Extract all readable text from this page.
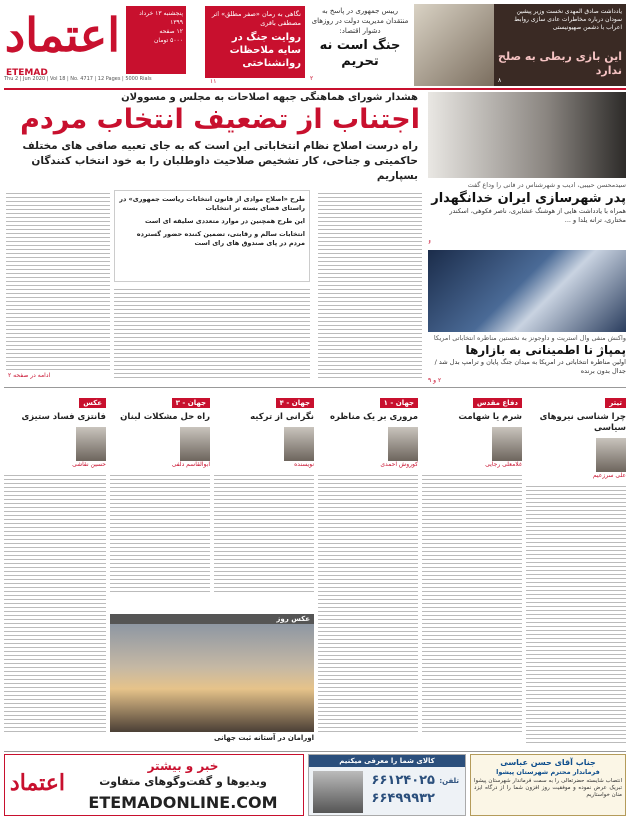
اعتماد
ETEMAD
پنجشنبه ۱۳ خرداد ۱۳۹۹
۱۲ صفحه
۵۰۰۰ تومان
Thu 2 | Jun 2020 | Vol 18 | No. 4717 | 12 Pages | 5000 Rials
نگاهی به رمان «صفر مطلق» اثر مصطفی باقری
روایت جنگ در سایه ملاحظات روانشناختی
۱۱
رییس جمهوری در پاسخ به منتقدان مدیریت دولت در روزهای دشوار اقتصاد:
جنگ است نه تحریم
۲
یادداشت صادق المهدی نخست وزیر پیشین سودان درباره مخاطرات عادی سازی روابط اعراب با دشمن صهیونیستی
این بازی ربطی به صلح ندارد
۸
هشدار شورای هماهنگی جبهه اصلاحات به مجلس و مسوولان
اجتناب از تضعیف انتخاب مردم
راه درست اصلاح نظام انتخاباتی این است که به جای تعبیه صافی های مختلف حاکمیتی و جناحی، کار تشخیص صلاحیت داوطلبان را به خود انتخاب کنندگان بسپاریم
طرح «اصلاح موادی از قانون انتخابات ریاست جمهوری» در راستای فضای بسته تر انتخابات
این طرح همچنین در موارد متعددی سلیقه ای است
انتخابات سالم و رقابتی، تضمین کننده حضور گسترده مردم در پای صندوق های رای است
ادامه در صفحه ۲
سیدمحسن حبیبی، ادیب و شهرشناس در فانی را وداع گفت
پدر شهرسازی ایران خدانگهدار
همراه با یادداشت هایی از هوشنگ عشایری، ناصر فکوهی، اسکندر مختاری، ترانه یلدا و ...
۶
واکنش منفی وال استریت و داوجونز به نخستین مناظره انتخاباتی امریکا
پمپاژ نا اطمینانی به بازارها
اولین مناظره انتخاباتی در امریکا به میدان جنگ پایان و ترامپ بدل شد / جدال بدون برنده
۲ و ۹
تیتر
چرا شناسی نیروهای سیاسی
علی سرزعیم
دفاع مقدس
شرم یا شهامت
غلامعلی رجایی
جهان - ۱
مروری بر یک مناظره
کوروش احمدی
جهان - ۴
نگرانی از ترکیه
نویسنده
جهان - ۳
راه حل مشکلات لبنان
ابوالقاسم دلفی
عکس
فانتزی فساد ستیزی
حسین نقاشی
عکس روز
اورامان در آستانه ثبت جهانی
اعتماد
خبر و بیشتر
ویدیوها و گفت‌وگوهای متفاوت
ETEMADONLINE.COM
کالای شما را معرفی میکنیم
تلفن:
۶۶۱۲۴۰۲۵
۶۶۴۹۹۹۳۲
جناب آقای حسن عباسی
فرماندار محترم شهرستان پیشوا
انتصاب شایسته حضرتعالی را به سمت فرماندار شهرستان پیشوا تبریک عرض نموده و موفقیت روز افزون شما را از درگاه ایزد منان خواستاریم
